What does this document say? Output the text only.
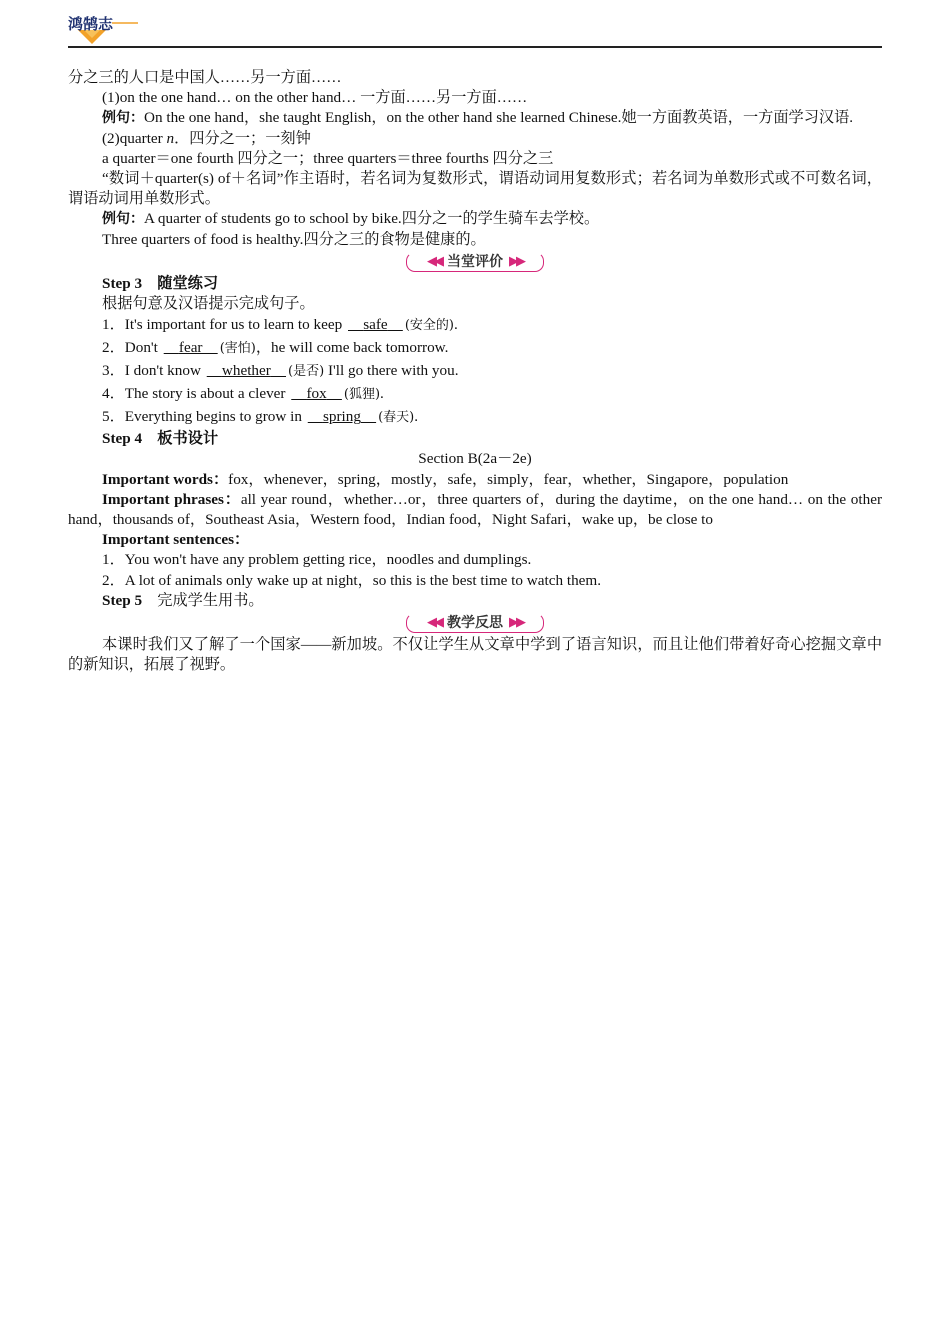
鸿鹄志

分之三的人口是中国人……另一方面……

(1)on the one hand… on the other hand… 一方面……另一方面……

例句：On the one hand，she taught English，on the other hand she learned Chinese.她一方面教英语，一方面学习汉语.

(2)quarter n．四分之一；一刻钟

a quarter＝one fourth 四分之一；three quarters＝three fourths 四分之三

“数词＋quarter(s) of＋名词”作主语时，若名词为复数形式，谓语动词用复数形式；若名词为单数形式或不可数名词，谓语动词用单数形式。

例句：A quarter of students go to school by bike.四分之一的学生骑车去学校。

Three quarters of food is healthy.四分之三的食物是健康的。

◀◀ 当堂评价 ▶▶

Step 3　随堂练习

根据句意及汉语提示完成句子。

1．It's important for us to learn to keep  safe  (安全的).

2．Don't  fear  (害怕)，he will come back tomorrow.

3．I don't know  whether  (是否) I'll go there with you.

4．The story is about a clever  fox  (狐狸).

5．Everything begins to grow in  spring  (春天).

Step 4　板书设计

Section B(2a－2e)

Important words：fox，whenever，spring，mostly，safe，simply，fear，whether，Singapore，population

Important phrases：all year round，whether…or，three quarters of，during the daytime，on the one hand… on the other hand，thousands of，Southeast Asia，Western food，Indian food，Night Safari，wake up，be close to

Important sentences：

1．You won't have any problem getting rice，noodles and dumplings.

2．A lot of animals only wake up at night，so this is the best time to watch them.

Step 5　完成学生用书。

◀◀ 教学反思 ▶▶

本课时我们又了解了一个国家——新加坡。不仅让学生从文章中学到了语言知识，而且让他们带着好奇心挖掘文章中的新知识，拓展了视野。
